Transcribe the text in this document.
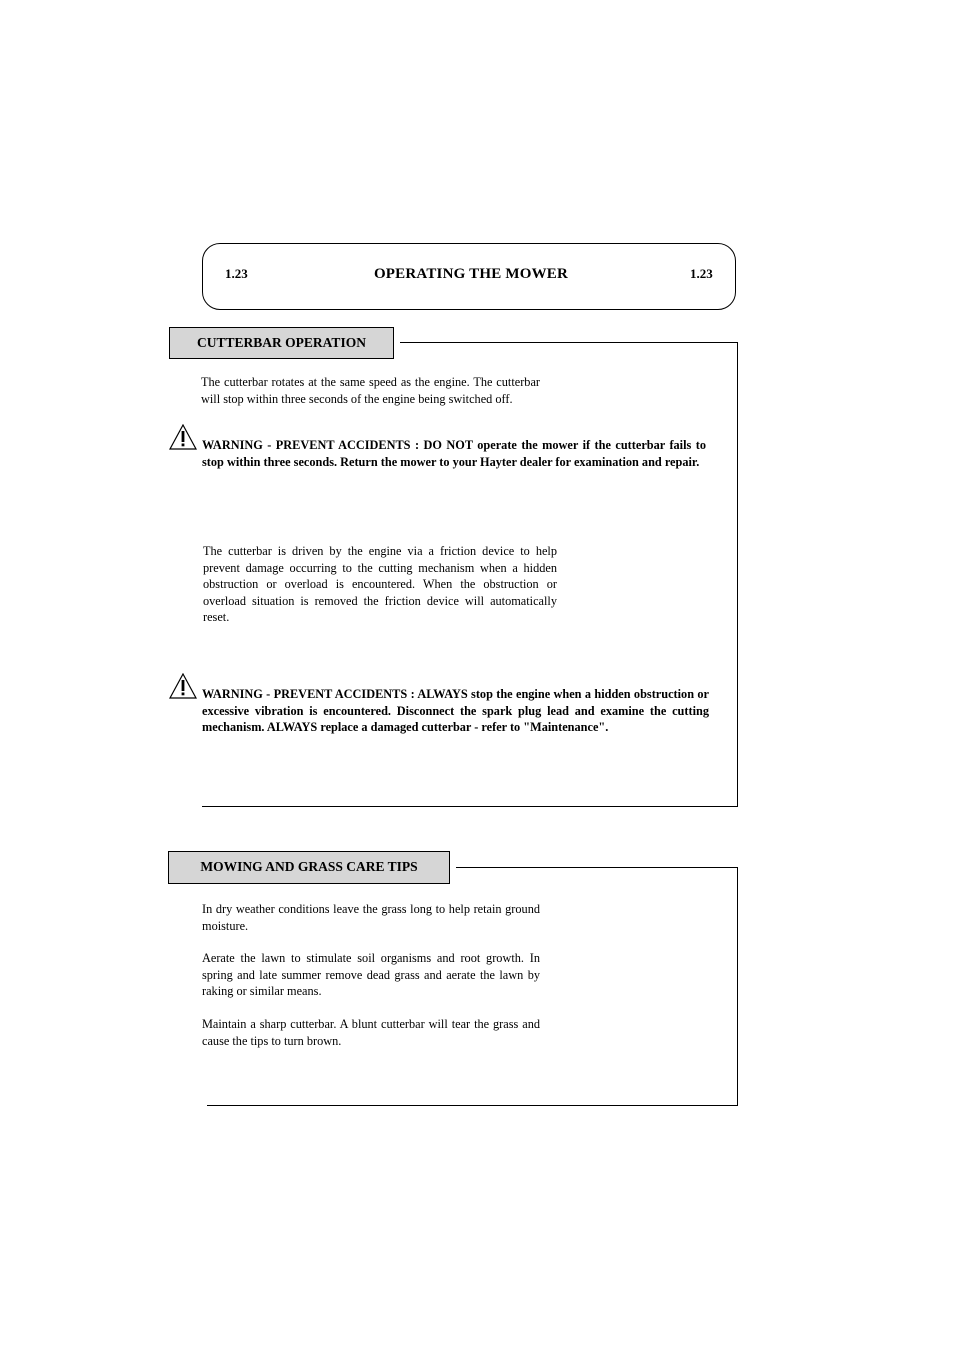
1.23	OPERATING THE MOWER	1.23
CUTTERBAR OPERATION
The cutterbar rotates at the same speed as the engine. The cutterbar will stop within three seconds of the engine being switched off.
WARNING - PREVENT ACCIDENTS : DO NOT operate the mower if the cutterbar fails to stop within three seconds. Return the mower to your Hayter dealer for examination and repair.
The cutterbar is driven by the engine via a friction device to help prevent damage occurring to the cutting mechanism when a hidden obstruction or overload is encountered. When the obstruction or overload situation is removed the friction device will automatically reset.
WARNING - PREVENT ACCIDENTS : ALWAYS stop the engine when a hidden obstruction or excessive vibration is encountered. Disconnect the spark plug lead and examine the cutting mechanism. ALWAYS replace a damaged cutterbar - refer to "Maintenance".
MOWING AND GRASS CARE TIPS
In dry weather conditions leave the grass long to help retain ground moisture.
Aerate the lawn to stimulate soil organisms and root growth. In spring and late summer remove dead grass and aerate the lawn by raking or similar means.
Maintain a sharp cutterbar. A blunt cutterbar will tear the grass and cause the tips to turn brown.
